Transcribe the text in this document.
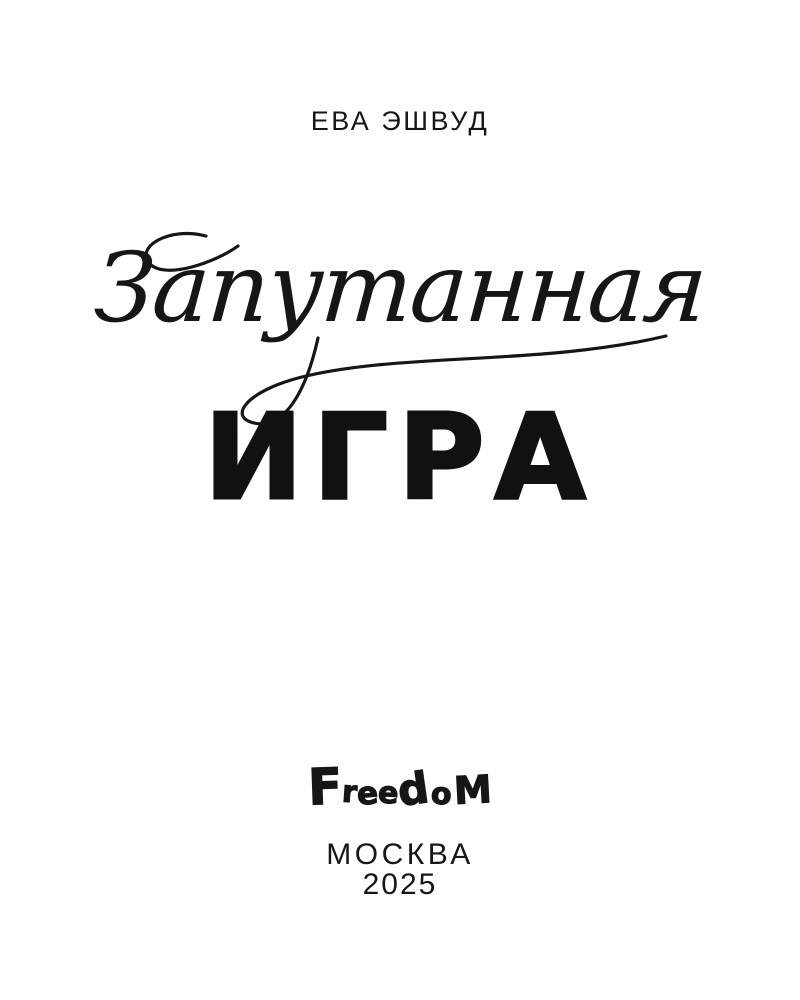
ЕВА ЭШВУД
Запутанная
ИГРА
F
r
e
e
d
o M
МОСКВА
2025
